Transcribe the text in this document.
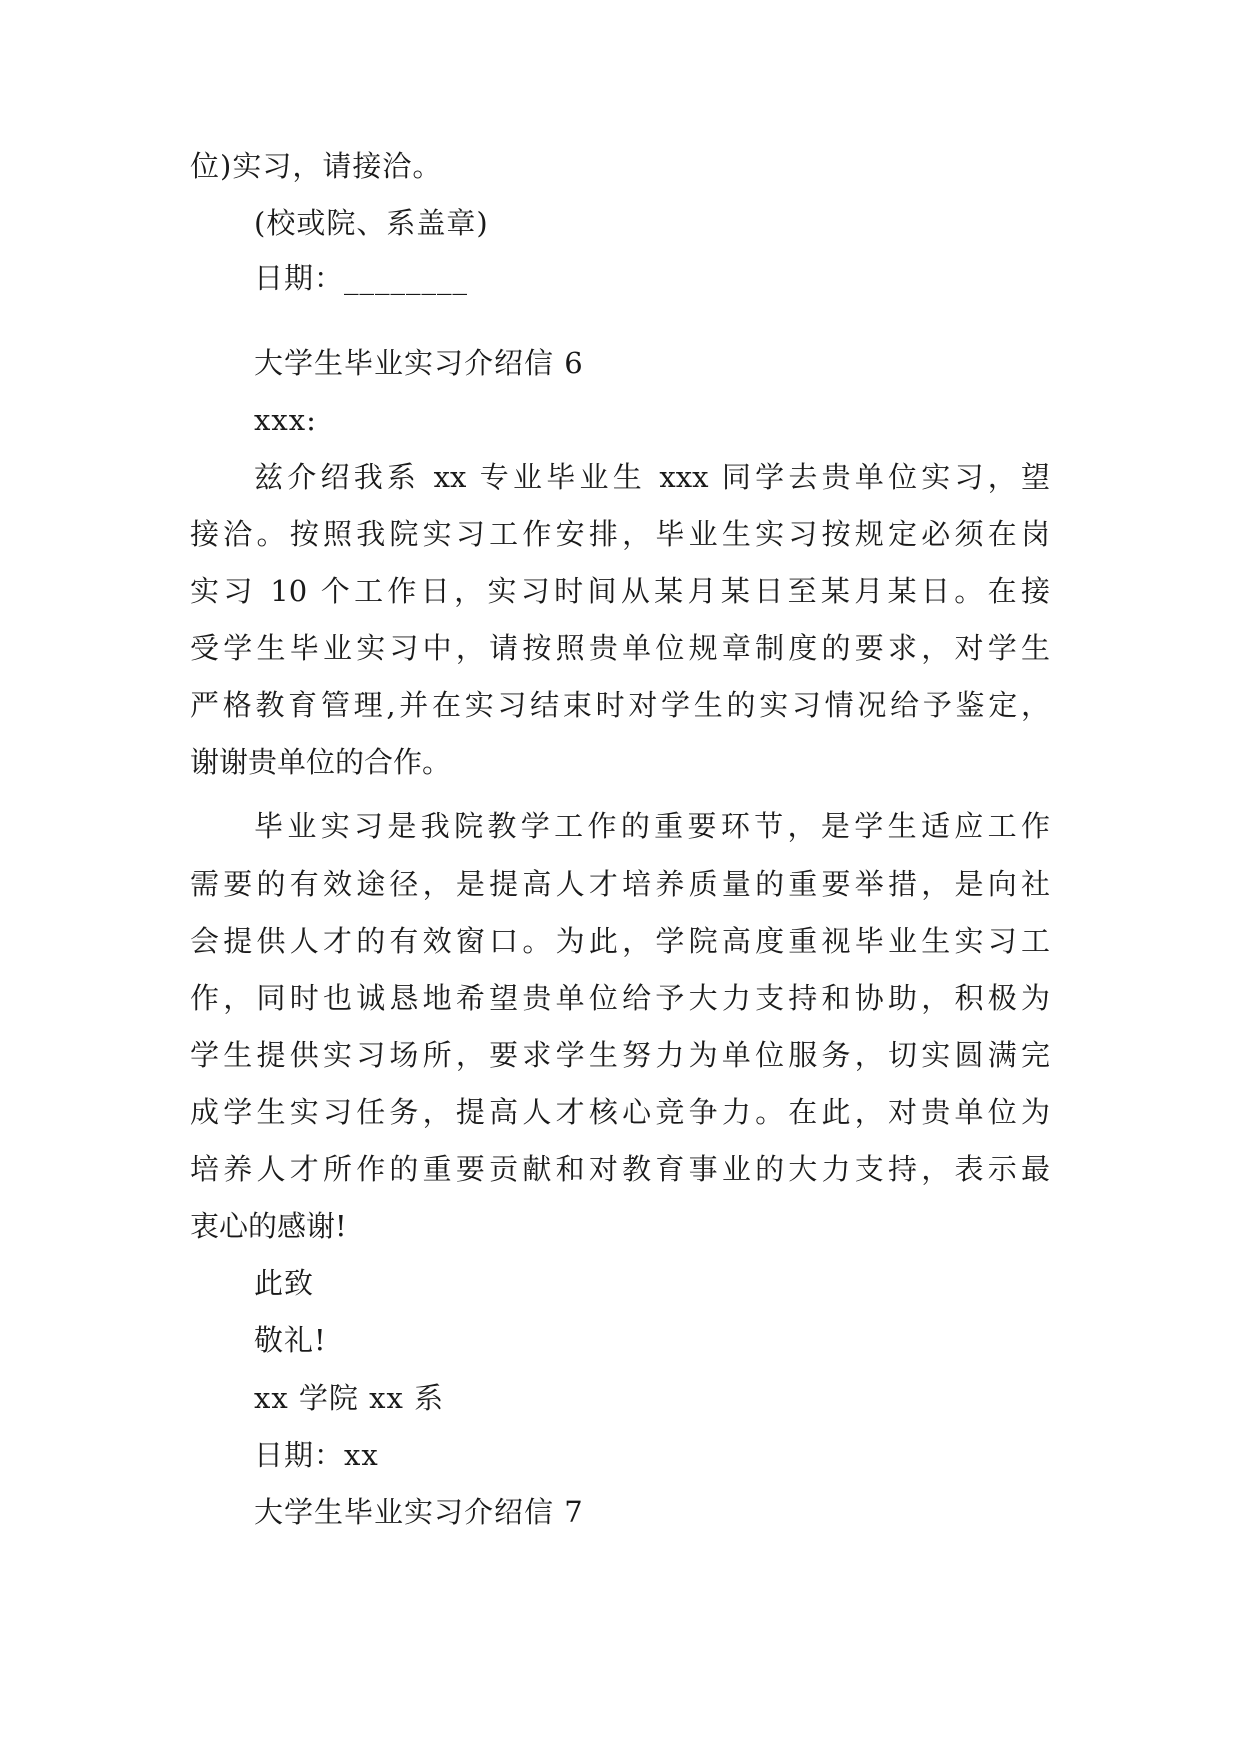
位)实习，请接洽。
(校或院、系盖章)
日期：________
大学生毕业实习介绍信 6
xxx:
兹介绍我系 xx 专业毕业生 xxx 同学去贵单位实习，望
接洽。按照我院实习工作安排，毕业生实习按规定必须在岗
实习 10 个工作日，实习时间从某月某日至某月某日。在接
受学生毕业实习中，请按照贵单位规章制度的要求，对学生
严格教育管理,并在实习结束时对学生的实习情况给予鉴定，
谢谢贵单位的合作。
毕业实习是我院教学工作的重要环节，是学生适应工作
需要的有效途径，是提高人才培养质量的重要举措，是向社
会提供人才的有效窗口。为此，学院高度重视毕业生实习工
作，同时也诚恳地希望贵单位给予大力支持和协助，积极为
学生提供实习场所，要求学生努力为单位服务，切实圆满完
成学生实习任务，提高人才核心竞争力。在此，对贵单位为
培养人才所作的重要贡献和对教育事业的大力支持，表示最
衷心的感谢!
此致
敬礼!
xx 学院 xx 系
日期：xx
大学生毕业实习介绍信 7
